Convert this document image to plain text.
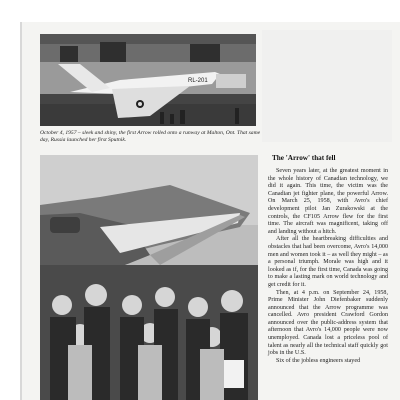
RL-201
October 4, 1957 – sleek and shiny, the first Arrow rolled onto a runway at Malton, Ont. That same day, Russia launched her first Sputnik.
The 'Arrow' that fell

Seven years later, at the greatest moment in the whole history of Canadian technology, we did it again. This time, the victim was the Canadian jet fighter plane, the powerful Arrow. On March 25, 1958, with Avro's chief development pilot Jan Zurakowski at the controls, the CF105 Arrow flew for the first time. The aircraft was magnificent, taking off and landing without a hitch.

After all the heartbreaking difficulties and obstacles that had been overcome, Avro's 14,000 men and women took it – as well they might – as a personal triumph. Morale was high and it looked as if, for the first time, Canada was going to make a lasting mark on world technology and get credit for it.

Then, at 4 p.m. on September 24, 1958, Prime Minister John Diefenbaker suddenly announced that the Arrow programme was cancelled. Avro president Crawford Gordon announced over the public-address system that afternoon that Avro's 14,000 people were now unemployed. Canada lost a priceless pool of talent as nearly all the technical staff quickly got jobs in the U.S.

Six of the jobless engineers stayed
